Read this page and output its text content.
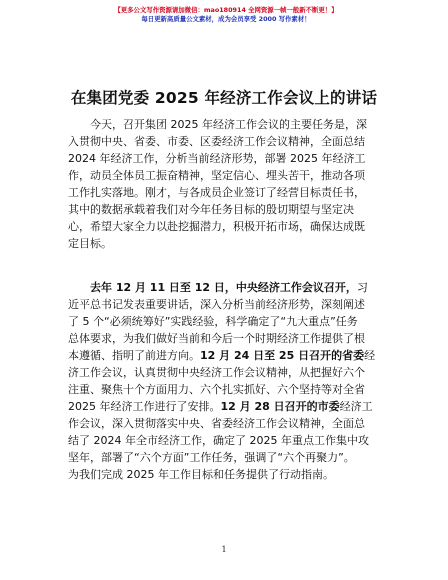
【更多公文写作资源请加微信：mao180914 全网资源一帧一般新不断更！】
每日更新高质量公文素材，成为会员享受 2000 写作素材！
在集团党委 2025 年经济工作会议上的讲话
今天，召开集团 2025 年经济工作会议的主要任务是，深
入贯彻中央、省委、市委、区委经济工作会议精神，全面总结
2024 年经济工作，分析当前经济形势，部署 2025 年经济工
作，动员全体员工振奋精神，坚定信心、埋头苦干，推动各项
工作扎实落地。刚才，与各成员企业签订了经营目标责任书，
其中的数据承载着我们对今年任务目标的殷切期望与坚定决
心，希望大家全力以赴挖掘潜力，积极开拓市场，确保达成既
定目标。
去年 12 月 11 日至 12 日，中央经济工作会议召开，习
近平总书记发表重要讲话，深入分析当前经济形势，深刻阐述
了 5 个“必须统筹好”实践经验，科学确定了“九大重点”任务
总体要求，为我们做好当前和今后一个时期经济工作提供了根
本遵循、指明了前进方向。12 月 24 日至 25 日召开的省委经
济工作会议，认真贯彻中央经济工作会议精神，从把握好六个
注重、聚焦十个方面用力、六个扎实抓好、六个坚持等对全省
2025 年经济工作进行了安排。12 月 28 日召开的市委经济工
作会议，深入贯彻落实中央、省委经济工作会议精神，全面总
结了 2024 年全市经济工作，确定了 2025 年重点工作集中攻
坚年，部署了“六个方面”工作任务，强调了“六个再聚力”。
为我们完成 2025 年工作目标和任务提供了行动指南。
1
